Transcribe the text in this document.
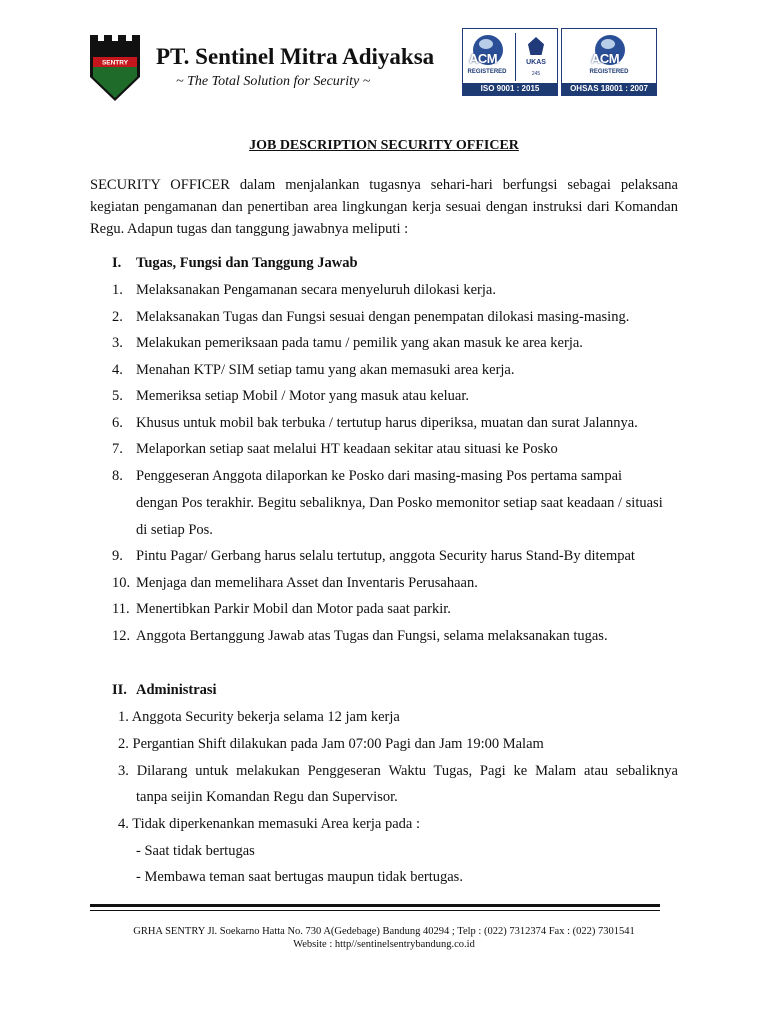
SENTRY PT. Sentinel Mitra Adiyaksa
~ The Total Solution for Security ~
ACM
REGISTERED
UKAS
245
ISO 9001 : 2015
ACM
REGISTERED
OHSAS 18001 : 2007
JOB DESCRIPTION SECURITY OFFICER
SECURITY OFFICER dalam menjalankan tugasnya sehari-hari berfungsi sebagai pelaksana kegiatan pengamanan dan penertiban area lingkungan kerja sesuai dengan instruksi dari Komandan Regu. Adapun tugas dan tanggung jawabnya meliputi :
I. Tugas, Fungsi dan Tanggung Jawab
1. Melaksanakan Pengamanan secara menyeluruh dilokasi kerja.
2. Melaksanakan Tugas dan Fungsi sesuai dengan penempatan dilokasi masing-masing.
3. Melakukan pemeriksaan pada tamu / pemilik yang akan masuk ke area kerja.
4. Menahan KTP/ SIM setiap tamu yang akan memasuki area kerja.
5. Memeriksa setiap Mobil / Motor yang masuk atau keluar.
6. Khusus untuk mobil bak terbuka / tertutup harus diperiksa, muatan dan surat Jalannya.
7. Melaporkan setiap saat melalui HT keadaan sekitar atau situasi ke Posko
8. Penggeseran Anggota dilaporkan ke Posko dari masing-masing Pos pertama sampai
dengan Pos terakhir. Begitu sebaliknya, Dan Posko memonitor setiap saat keadaan / situasi
di setiap Pos.
9. Pintu Pagar/ Gerbang harus selalu tertutup, anggota Security harus Stand-By ditempat
10. Menjaga dan memelihara Asset dan Inventaris Perusahaan.
11. Menertibkan Parkir Mobil dan Motor pada saat parkir.
12. Anggota Bertanggung Jawab atas Tugas dan Fungsi, selama melaksanakan tugas.
II. Administrasi
1. Anggota Security bekerja selama 12 jam kerja
2. Pergantian Shift dilakukan pada Jam 07:00 Pagi dan Jam 19:00 Malam
3. Dilarang untuk melakukan Penggeseran Waktu Tugas, Pagi ke Malam atau sebaliknya
tanpa seijin Komandan Regu dan Supervisor.
4. Tidak diperkenankan memasuki Area kerja pada :
- Saat tidak bertugas
- Membawa teman saat bertugas maupun tidak bertugas.
GRHA SENTRY Jl. Soekarno Hatta No. 730 A(Gedebage) Bandung 40294 ; Telp : (022) 7312374 Fax : (022) 7301541
Website : http//sentinelsentrybandung.co.id
